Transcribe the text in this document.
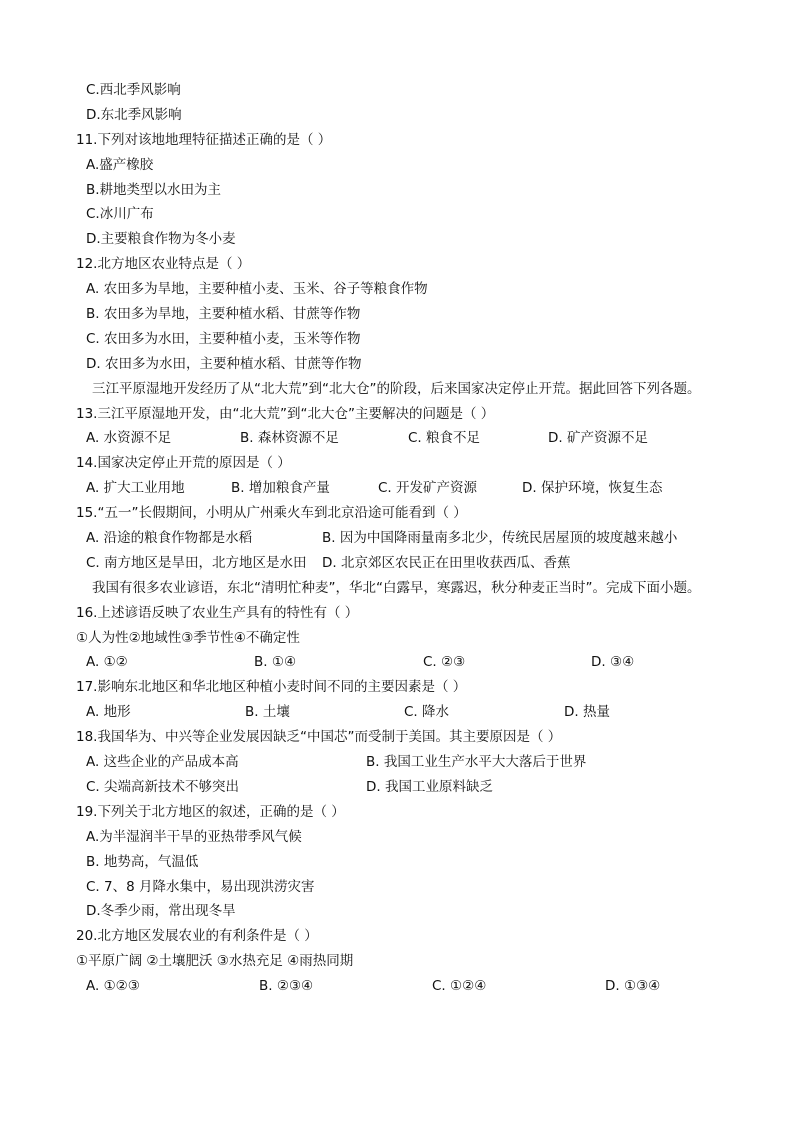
C.西北季风影响
D.东北季风影响
11.下列对该地地理特征描述正确的是（ ）
A.盛产橡胶
B.耕地类型以水田为主
C.冰川广布
D.主要粮食作物为冬小麦
12.北方地区农业特点是（ ）
A. 农田多为旱地，主要种植小麦、玉米、谷子等粮食作物
B. 农田多为旱地，主要种植水稻、甘蔗等作物
C. 农田多为水田，主要种植小麦，玉米等作物
D. 农田多为水田，主要种植水稻、甘蔗等作物
三江平原湿地开发经历了从“北大荒”到“北大仓”的阶段，后来国家决定停止开荒。据此回答下列各题。
13.三江平原湿地开发，由“北大荒”到“北大仓”主要解决的问题是（ ）
A. 水资源不足	B. 森林资源不足	C. 粮食不足	D. 矿产资源不足
14.国家决定停止开荒的原因是（ ）
A. 扩大工业用地	B. 增加粮食产量	C. 开发矿产资源	D. 保护环境，恢复生态
15.“五一”长假期间，小明从广州乘火车到北京沿途可能看到（ ）
A. 沿途的粮食作物都是水稻	B. 因为中国降雨量南多北少，传统民居屋顶的坡度越来越小
C. 南方地区是旱田，北方地区是水田 D. 北京郊区农民正在田里收获西瓜、香蕉
我国有很多农业谚语，东北“清明忙种麦”，华北“白露早，寒露迟，秋分种麦正当时”。完成下面小题。
16.上述谚语反映了农业生产具有的特性有（ ）
①人为性②地域性③季节性④不确定性
A. ①②	B. ①④	C. ②③	D. ③④
17.影响东北地区和华北地区种植小麦时间不同的主要因素是（ ）
A. 地形	B. 土壤	C. 降水	D. 热量
18.我国华为、中兴等企业发展因缺乏“中国芯”而受制于美国。其主要原因是（ ）
A. 这些企业的产品成本高	B. 我国工业生产水平大大落后于世界
C. 尖端高新技术不够突出	D. 我国工业原料缺乏
19.下列关于北方地区的叙述，正确的是（ ）
A.为半湿润半干旱的亚热带季风气候
B. 地势高，气温低
C. 7、8 月降水集中，易出现洪涝灾害
D.冬季少雨，常出现冬旱
20.北方地区发展农业的有利条件是（ ）
①平原广阔 ②土壤肥沃 ③水热充足 ④雨热同期
A. ①②③	B. ②③④	C. ①②④	D. ①③④
